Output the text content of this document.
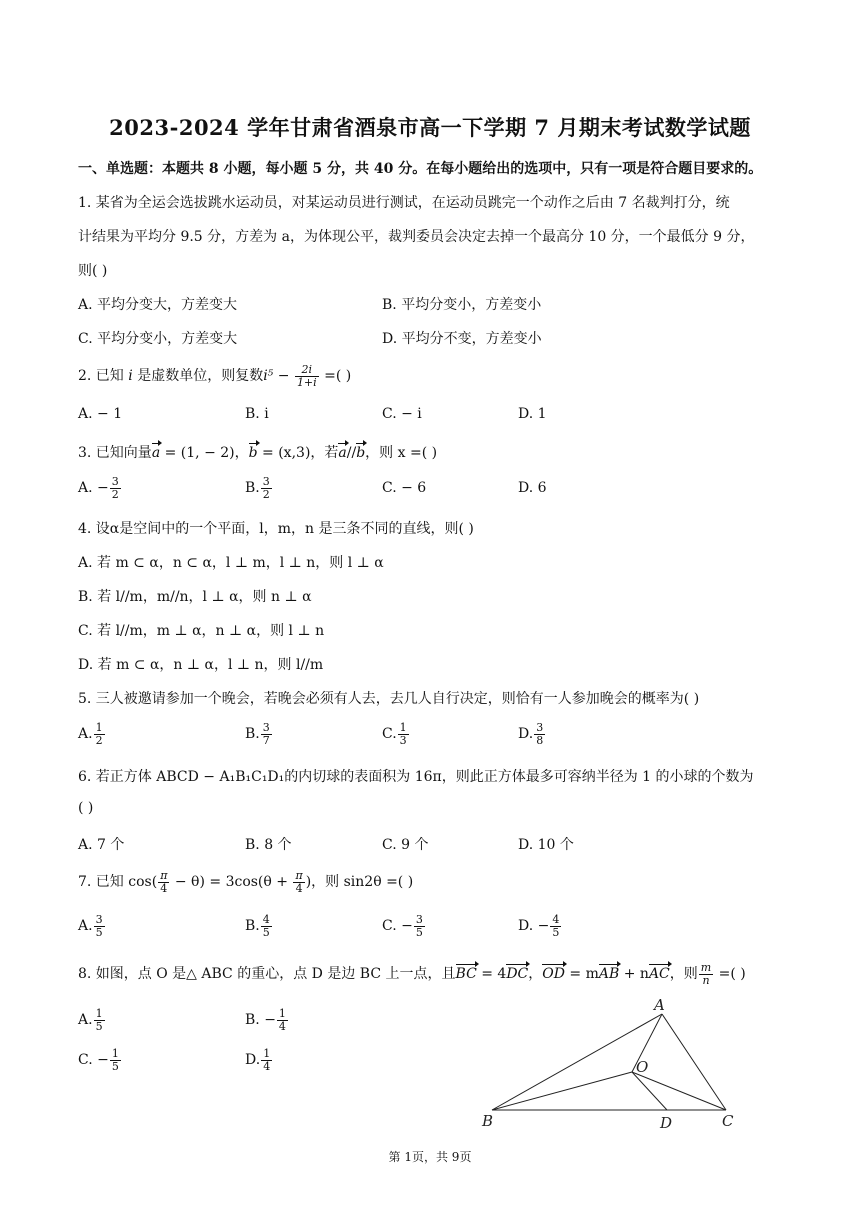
2023-2024 学年甘肃省酒泉市高一下学期 7 月期末考试数学试题
一、单选题：本题共 8 小题，每小题 5 分，共 40 分。在每小题给出的选项中，只有一项是符合题目要求的。
1. 某省为全运会选拔跳水运动员，对某运动员进行测试，在运动员跳完一个动作之后由 7 名裁判打分，统
计结果为平均分 9.5 分，方差为 a，为体现公平，裁判委员会决定去掉一个最高分 10 分，一个最低分 9 分，
则( )
A. 平均分变大，方差变大	B. 平均分变小，方差变小
C. 平均分变小，方差变大	D. 平均分不变，方差变小
2. 已知 i 是虚数单位，则复数$i^5 - \frac{2i}{1+i}$ =( )
A. − 1	B. i	C. − i	D. 1
3. 已知向量a = (1, − 2)，b = (x,3)，若a//b，则 x =( )
A. − $\frac{3}{2}$	B. $\frac{3}{2}$	C. − 6	D. 6
4. 设α是空间中的一个平面，l，m，n 是三条不同的直线，则( )
A. 若 m ⊂ α，n ⊂ α，l ⊥ m，l ⊥ n，则 l ⊥ α
B. 若 l//m，m//n，l ⊥ α，则 n ⊥ α
C. 若 l//m，m ⊥ α，n ⊥ α，则 l ⊥ n
D. 若 m ⊂ α，n ⊥ α，l ⊥ n，则 l//m
5. 三人被邀请参加一个晚会，若晚会必须有人去，去几人自行决定，则恰有一人参加晚会的概率为( )
A. $\frac{1}{2}$	B. $\frac{3}{7}$	C. $\frac{1}{3}$	D. $\frac{3}{8}$
6. 若正方体 ABCD − A₁B₁C₁D₁的内切球的表面积为 16π，则此正方体最多可容纳半径为 1 的小球的个数为
( )
A. 7 个	B. 8 个	C. 9 个	D. 10 个
7. 已知 $\cos( \frac{\pi}{4} - \theta) = 3\cos(\theta + \frac{\pi}{4}$ )，则 sin2θ =( )
A. $\frac{3}{5}$	B. $\frac{4}{5}$	C. − $\frac{3}{5}$	D. − $\frac{4}{5}$
8. 如图，点 O 是△ ABC 的重心，点 D 是边 BC 上一点，且BC = 4DC，OD = mAB + nAC，则 $\frac{m}{n}$ =( )
A. $\frac{1}{5}$	B. − $\frac{1}{4}$
C. − $\frac{1}{5}$	D. $\frac{1}{4}$
A
B	C
D
O
第 1页，共 9页
